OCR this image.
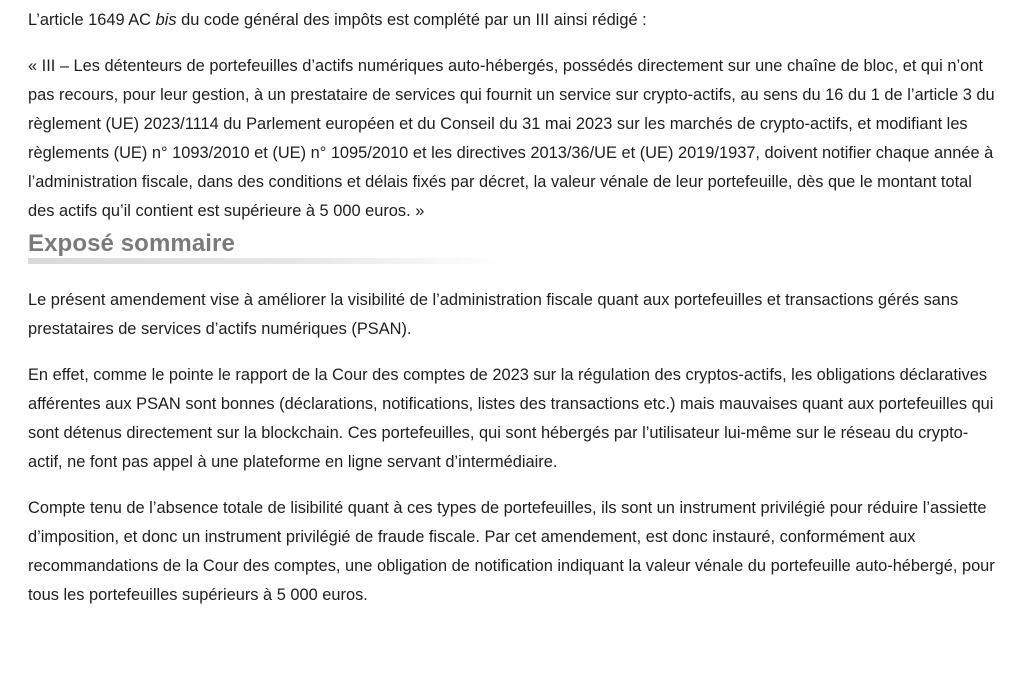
L’article 1649 AC bis du code général des impôts est complété par un III ainsi rédigé :

« III – Les détenteurs de portefeuilles d’actifs numériques auto-hébergés, possédés directement sur une chaîne de bloc, et qui n’ont pas recours, pour leur gestion, à un prestataire de services qui fournit un service sur crypto-actifs, au sens du 16 du 1 de l’article 3 du règlement (UE) 2023/1114 du Parlement européen et du Conseil du 31 mai 2023 sur les marchés de crypto-actifs, et modifiant les règlements (UE) n° 1093/2010 et (UE) n° 1095/2010 et les directives 2013/36/UE et (UE) 2019/1937, doivent notifier chaque année à l’administration fiscale, dans des conditions et délais fixés par décret, la valeur vénale de leur portefeuille, dès que le montant total des actifs qu’il contient est supérieure à 5 000 euros. »

Exposé sommaire

Le présent amendement vise à améliorer la visibilité de l’administration fiscale quant aux portefeuilles et transactions gérés sans prestataires de services d’actifs numériques (PSAN).

En effet, comme le pointe le rapport de la Cour des comptes de 2023 sur la régulation des cryptos-actifs, les obligations déclaratives afférentes aux PSAN sont bonnes (déclarations, notifications, listes des transactions etc.) mais mauvaises quant aux portefeuilles qui sont détenus directement sur la blockchain. Ces portefeuilles, qui sont hébergés par l’utilisateur lui-même sur le réseau du crypto-actif, ne font pas appel à une plateforme en ligne servant d’intermédiaire.

Compte tenu de l’absence totale de lisibilité quant à ces types de portefeuilles, ils sont un instrument privilégié pour réduire l’assiette d’imposition, et donc un instrument privilégié de fraude fiscale. Par cet amendement, est donc instauré, conformément aux recommandations de la Cour des comptes, une obligation de notification indiquant la valeur vénale du portefeuille auto-hébergé, pour tous les portefeuilles supérieurs à 5 000 euros.
